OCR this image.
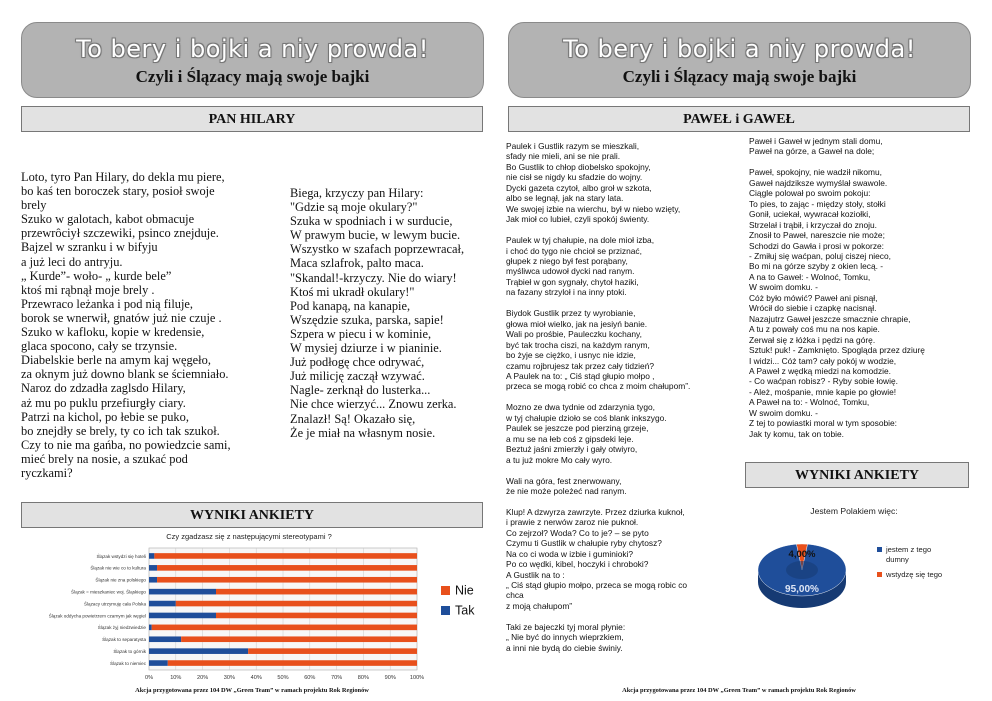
To bery i bojki a niy prowda!
Czyli i Ślązacy mają swoje bajki
PAN HILARY
Loto, tyro Pan Hilary, do dekla mu piere,
bo kaś ten boroczek stary, posioł swoje
brely
Szuko w galotach, kabot obmacuje
przewrôciył szczewiki, psinco znejduje.
Bajzel w szranku i w bifyju
a już leci do antryju.
„ Kurde”- woło- „ kurde bele”
ktoś mi rąbnął moje brely .
Przewraco leżanka i pod nią filuje,
borok se wnerwił, gnatów już nie czuje .
Szuko w kafloku, kopie w kredensie,
glaca spocono, cały se trzynsie.
Diabelskie berle na amym kaj węgeło,
za oknym już downo blank se ściemniało.
Naroz do zdzadła zaglsdo Hilary,
aż mu po puklu przefiurgły ciary.
Patrzi na kichol, po łebie se puko,
bo znejdły se brely, ty co ich tak szukoł.
Czy to nie ma gańba, no powiedzcie sami,
mieć brely na nosie, a szukać pod
ryczkami?
Biega, krzyczy pan Hilary:
"Gdzie są moje okulary?"
Szuka w spodniach i w surducie,
W prawym bucie, w lewym bucie.
Wszystko w szafach poprzewracał,
Maca szlafrok, palto maca.
"Skandal!-krzyczy. Nie do wiary!
Ktoś mi ukradł okulary!"
Pod kanapą, na kanapie,
Wszędzie szuka, parska, sapie!
Szpera w piecu i w kominie,
W mysiej dziurze i w pianinie.
Już podłogę chce odrywać,
Już milicję zaczął wzywać.
Nagle- zerknął do lusterka...
Nie chce wierzyć... Znowu zerka.
Znalazł! Są! Okazało się,
Że je miał na własnym nosie.
WYNIKI ANKIETY
Czy zgadzasz się z następującymi stereotypami ?
Ślązak wstydzi się hoteli
Ślązak nie wie co to kultura
Ślązak nie zna polskiego
Ślązak = mieszkaniec woj. Śląskiego
Ślązacy utrzymuję cała Polska
Ślązak oddycha powietrzem czarnym jak węgiel
Ślązak żyj niedzwiedzie
Ślązak to separatysta
Ślązak to górnik
Ślązak to niemiec
0%	10%	20%	30%	40%	50%	60%	70%	80%	90%	100%
Nie
Tak
Akcja przygotowana przez 104 DW „Green Team” w ramach projektu Rok Regionów
To bery i bojki a niy prowda!
Czyli i Ślązacy mają swoje bajki
PAWEŁ i GAWEŁ
Paulek i Gustlik razym se mieszkali,
sfady nie mieli, ani se nie prali.
Bo Gustlik to chłop diobelsko spokojny,
nie cisł se nigdy ku sfadzie do wojny.
Dycki gazeta czytoł, albo groł w szkota,
albo se legnął, jak na stary lata.
We swojej izbie na wierchu, był w niebo wzięty,
Jak mioł co lubieł, czyli spokój świenty.

Paulek w tyj chałupie, na dole mioł izba,
i choć do tygo nie chcioł se prziznać,
głupek z niego był fest porąbany,
myśliwca udowoł dycki nad ranym.
Trąbieł w gon sygnały, chytoł haziki,
na fazany strzyloł i na inny ptoki.

Biydok Gustlik przez ty wyrobianie,
głowa mioł wielko, jak na jesiyń banie.
Wali po prośbie, Pauleczku kochany,
być tak trocha ciszi, na każdym ranym,
bo żyje se ciężko, i usnyc nie idzie,
czamu rojbrujesz tak przez cały tidzień?
A Paulek na to: „ Ciś stąd głupio mołpo ,
przeca se mogą robić co chca z moim chałupom”.

Mozno ze dwa tydnie od zdarzynia tygo,
w tyj chałupie dzioło se coś blank inkszygo.
Paulek se jeszcze pod pierziną grzeje,
a mu se na łeb coś z gipsdeki leje.
Beztuż jaśni zmierzły i gały otwiyro,
a tu już mokre Mo cały wyro.

Wali na góra, fest znerwowany,
że nie może poleżeć nad ranym.

Klup! A dzwyrza zawrzyte. Przez dziurka kuknoł,
i prawie z nerwów zaroz nie puknoł.
Co zejrzoł? Woda? Co to je? – se pyto
Czymu ti Gustlik w chałupie ryby chytosz?
Na co ci woda w izbie i guminioki?
Po co wędki, kibel, hoczyki i chroboki?
A Gustlik na to :
„ Ciś stąd głupio mołpo, przeca se mogą robic co
chca
z moją chałupom”

Taki ze bajeczki tyj moral płynie:
„ Nie być do innych wieprzkiem,
a inni nie bydą do ciebie świniy.
Paweł i Gaweł w jednym stali domu,
Paweł na górze, a Gaweł na dole;

Paweł, spokojny, nie wadził nikomu,
Gaweł najdziksze wymyślał swawole.
Ciągle polował po swoim pokoju:
To pies, to zając - między stoły, stołki
Gonił, uciekał, wywracał koziołki,
Strzelał i trąbił, i krzyczał do znoju.
Znosił to Paweł, nareszcie nie może;
Schodzi do Gawła i prosi w pokorze:
- Zmiłuj się waćpan, poluj ciszej nieco,
Bo mi na górze szyby z okien lecą. -
A na to Gaweł: - Wolnoć, Tomku,
W swoim domku. -
Cóż było mówić? Paweł ani pisnął,
Wrócił do siebie i czapkę nacisnął.
Nazajutrz Gaweł jeszcze smacznie chrapie,
A tu z powały coś mu na nos kapie.
Zerwał się z łóżka i pędzi na górę.
Sztuk! puk! - Zamknięto. Spogląda przez dziurę
I widzi... Cóż tam? cały pokój w wodzie,
A Paweł z wędką miedzi na komodzie.
- Co waćpan robisz? - Ryby sobie łowię.
- Ależ, mośpanie, mnie kapie po głowie!
A Paweł na to: - Wolnoć, Tomku,
W swoim domku. -
Z tej to powiastki moral w tym sposobie:
Jak ty komu, tak on tobie.
WYNIKI ANKIETY
Jestem Polakiem więc:
4,00%
95,00%
jestem z tego dumny
wstydzę się tego
Akcja przygotowana przez 104 DW „Green Team” w ramach projektu Rok Regionów
